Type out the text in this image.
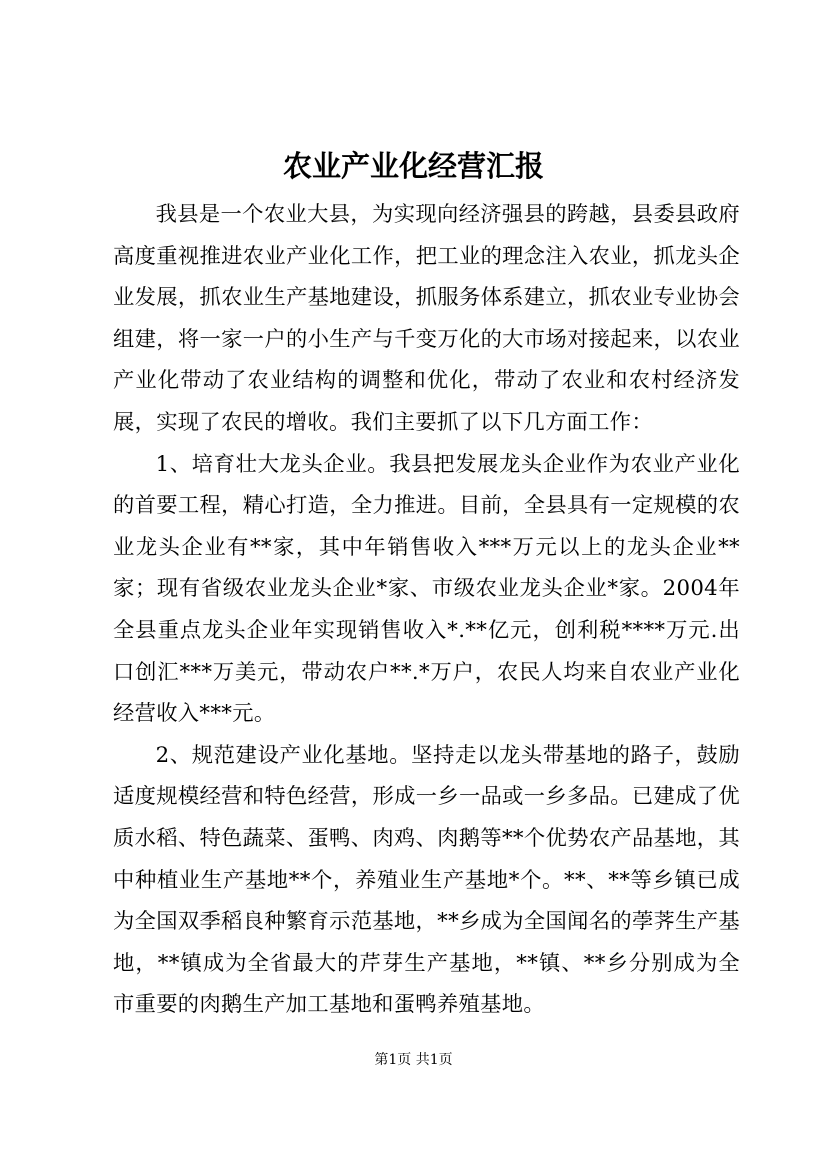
农业产业化经营汇报

我县是一个农业大县，为实现向经济强县的跨越，县委县政府高度重视推进农业产业化工作，把工业的理念注入农业，抓龙头企业发展，抓农业生产基地建设，抓服务体系建立，抓农业专业协会组建，将一家一户的小生产与千变万化的大市场对接起来，以农业产业化带动了农业结构的调整和优化，带动了农业和农村经济发展，实现了农民的增收。我们主要抓了以下几方面工作：

1、培育壮大龙头企业。我县把发展龙头企业作为农业产业化的首要工程，精心打造，全力推进。目前，全县具有一定规模的农业龙头企业有**家，其中年销售收入***万元以上的龙头企业**家；现有省级农业龙头企业*家、市级农业龙头企业*家。2004年全县重点龙头企业年实现销售收入*.**亿元，创利税****万元.出口创汇***万美元，带动农户**.*万户，农民人均来自农业产业化经营收入***元。

2、规范建设产业化基地。坚持走以龙头带基地的路子，鼓励适度规模经营和特色经营，形成一乡一品或一乡多品。已建成了优质水稻、特色蔬菜、蛋鸭、肉鸡、肉鹅等**个优势农产品基地，其中种植业生产基地**个，养殖业生产基地*个。**、**等乡镇已成为全国双季稻良种繁育示范基地，**乡成为全国闻名的荸荠生产基地，**镇成为全省最大的芹芽生产基地，**镇、**乡分别成为全市重要的肉鹅生产加工基地和蛋鸭养殖基地。

第1页 共1页
